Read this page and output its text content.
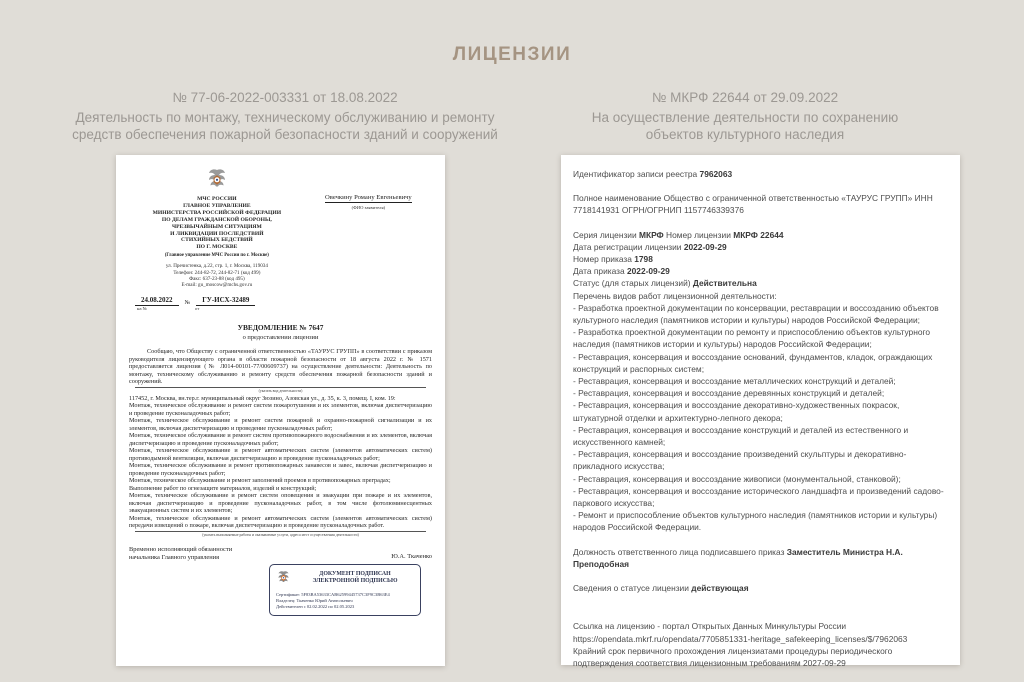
ЛИЦЕНЗИИ
№ 77-06-2022-003331 от 18.08.2022
Деятельность по монтажу, техническому обслуживанию и ремонту средств обеспечения пожарной безопасности зданий и сооружений
№ МКРФ 22644 от 29.09.2022
На осуществление деятельности по сохранению объектов культурного наследия
МЧС РОССИИ
ГЛАВНОЕ УПРАВЛЕНИЕ
МИНИСТЕРСТВА РОССИЙСКОЙ ФЕДЕРАЦИИ
ПО ДЕЛАМ ГРАЖДАНСКОЙ ОБОРОНЫ,
ЧРЕЗВЫЧАЙНЫМ СИТУАЦИЯМ
И ЛИКВИДАЦИИ ПОСЛЕДСТВИЙ
СТИХИЙНЫХ БЕДСТВИЙ
ПО Г. МОСКВЕ
(Главное управление МЧС России по г. Москве)
ул. Пречистенка, д.22, стр. 1, г. Москва, 119034
Телефон: 244-82-72, 244-82-71 (код 499)
Факс: 637-23-88 (код 495)
E-mail: gu_moscow@mchs.gov.ru
24.08.2022	№	ГУ-ИСХ-32489
на №	от
Овечкину Роману Евгеньевичу
(ФИО заявителя)
УВЕДОМЛЕНИЕ № 7647
о предоставлении лицензии

Сообщаю, что Обществу с ограниченной ответственностью «ТАУРУС ГРУПП» в соответствии с приказом руководителя лицензирующего органа в области пожарной безопасности от 18 августа 2022 г. № 1571 предоставляется лицензия (№ Л014-00101-77/00609737) на осуществление деятельности: Деятельность по монтажу, техническому обслуживанию и ремонту средств обеспечения пожарной безопасности зданий и сооружений.

(указать вид деятельности)

117452, г. Москва, вн.тер.г. муниципальный округ Зюзино, Азовская ул., д. 35, к. 3, помещ. I, ком. 19:

Монтаж, техническое обслуживание и ремонт систем пожаротушения и их элементов, включая диспетчеризацию и проведение пусконаладочных работ;

Монтаж, техническое обслуживание и ремонт систем пожарной и охранно-пожарной сигнализации и их элементов, включая диспетчеризацию и проведение пусконаладочных работ;

Монтаж, техническое обслуживание и ремонт систем противопожарного водоснабжения и их элементов, включая диспетчеризацию и проведение пусконаладочных работ;

Монтаж, техническое обслуживание и ремонт автоматических систем (элементов автоматических систем) противодымной вентиляции, включая диспетчеризацию и проведение пусконаладочных работ;

Монтаж, техническое обслуживание и ремонт противопожарных занавесов и завес, включая диспетчеризацию и проведение пусконаладочных работ;

Монтаж, техническое обслуживание и ремонт заполнений проемов в противопожарных преградах;

Выполнение работ по огнезащите материалов, изделий и конструкций;

Монтаж, техническое обслуживание и ремонт систем оповещения и эвакуации при пожаре и их элементов, включая диспетчеризацию и проведение пусконаладочных работ, в том числе фотолюминесцентных эвакуационных систем и их элементов;

Монтаж, техническое обслуживание и ремонт автоматических систем (элементов автоматических систем) передачи извещений о пожаре, включая диспетчеризацию и проведение пусконаладочных работ.

(указать выполняемые работы и оказываемые услуги, адреса мест осуществления деятельности)
Временно исполняющий обязанности
начальника Главного управления	Ю.А. Ткаченко
ДОКУМЕНТ ПОДПИСАН
ЭЛЕКТРОННОЙ ПОДПИСЬЮ
Сертификат: 5F83BA53633CAB62599445737C3F9C3B63E4
Владелец: Ткаченко Юрий Анатольевич
Действителен с 02.02.2022 по 02.05.2023

Идентификатор записи реестра 7962063

Полное наименование Общество с ограниченной ответственностью «ТАУРУС ГРУПП» ИНН 7718141931 ОГРН/ОГРНИП 1157746339376

Серия лицензии МКРФ Номер лицензии МКРФ 22644

Дата регистрации лицензии 2022-09-29

Номер приказа 1798

Дата приказа 2022-09-29

Статус (для старых лицензий) Действительна

Перечень видов работ лицензионной деятельности:

- Разработка проектной документации по консервации, реставрации и воссозданию объектов культурного наследия (памятников истории и культуры) народов Российской Федерации;

- Разработка проектной документации по ремонту и приспособлению объектов культурного наследия (памятников истории и культуры) народов Российской Федерации;

- Реставрация, консервация и воссоздание оснований, фундаментов, кладок, ограждающих конструкций и распорных систем;

- Реставрация, консервация и воссоздание металлических конструкций и деталей;

- Реставрация, консервация и воссоздание деревянных конструкций и деталей;

- Реставрация, консервация и воссоздание декоративно-художественных покрасок, штукатурной отделки и архитектурно-лепного декора;

- Реставрация, консервация и воссоздание конструкций и деталей из естественного и искусственного камней;

- Реставрация, консервация и воссоздание произведений скульптуры и декоративно-прикладного искусства;

- Реставрация, консервация и воссоздание живописи (монументальной, станковой);

- Реставрация, консервация и воссоздание исторического ландшафта и произведений садово-паркового искусства;

- Ремонт и приспособление объектов культурного наследия (памятников истории и культуры) народов Российской Федерации.

Должность ответственного лица подписавшего приказ Заместитель Министра Н.А. Преподобная

Сведения о статусе лицензии действующая

Ссылка на лицензию - портал Открытых Данных Минкультуры России

https://opendata.mkrf.ru/opendata/7705851331-heritage_safekeeping_licenses/$/7962063

Крайний срок первичного прохождения лицензиатами процедуры периодического подтверждения соответствия лицензионным требованиям 2027-09-29
